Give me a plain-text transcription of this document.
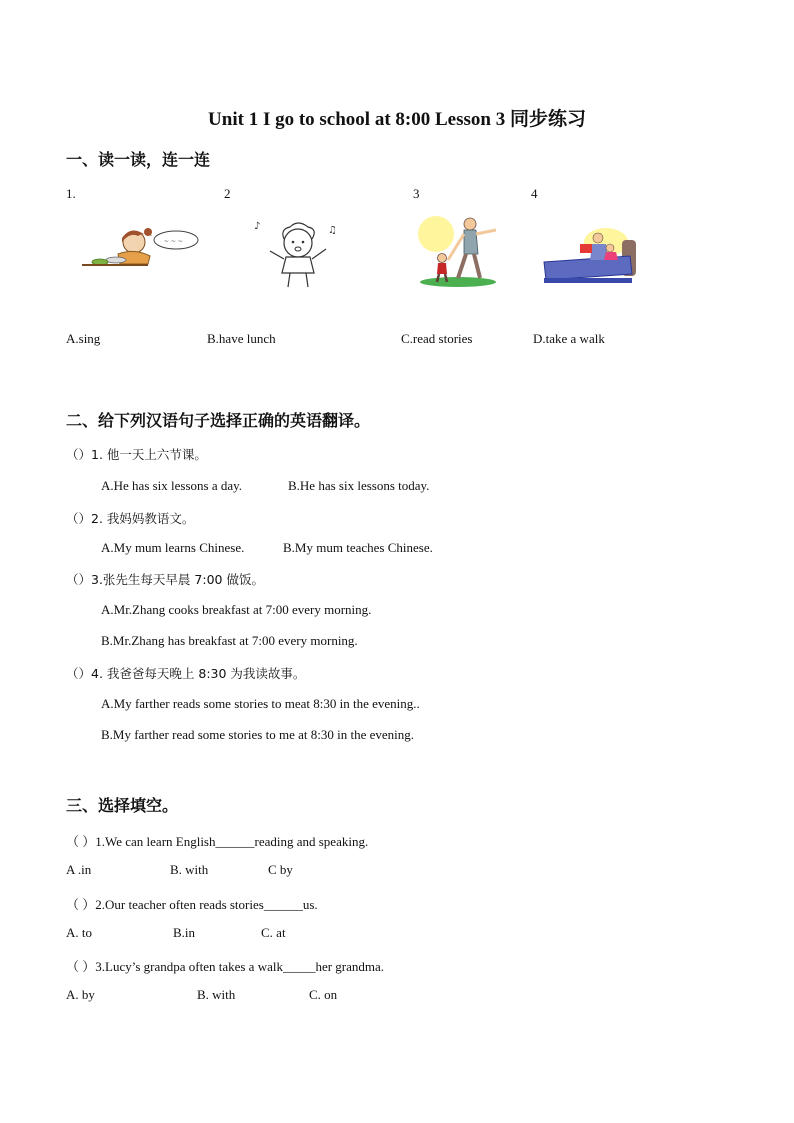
Unit 1 I go to school at 8:00 Lesson 3 同步练习
一、读一读，连一连
1.	2	3	4
~ ~ ~
♪	♫
A.sing	B.have lunch	C.read stories	D.take a walk
二、给下列汉语句子选择正确的英语翻译。
（）1. 他一天上六节课。
A.He has six lessons a day.	B.He has six lessons today.
（）2. 我妈妈教语文。
A.My mum learns Chinese.	B.My mum teaches Chinese.
（）3.张先生每天早晨 7:00 做饭。
A.Mr.Zhang cooks breakfast at 7:00 every morning.
B.Mr.Zhang has breakfast at 7:00 every morning.
（）4. 我爸爸每天晚上 8:30 为我读故事。
A.My farther reads some stories to meat 8:30 in the evening..
B.My farther read some stories to me at 8:30 in the evening.
三、选择填空。
（ ）1.We can learn English______reading and speaking.
A .in	B. with	C by
（ ）2.Our teacher often reads stories______us.
A. to	B.in	C. at
（ ）3.Lucy’s grandpa often takes a walk_____her grandma.
A. by	B. with	C. on
